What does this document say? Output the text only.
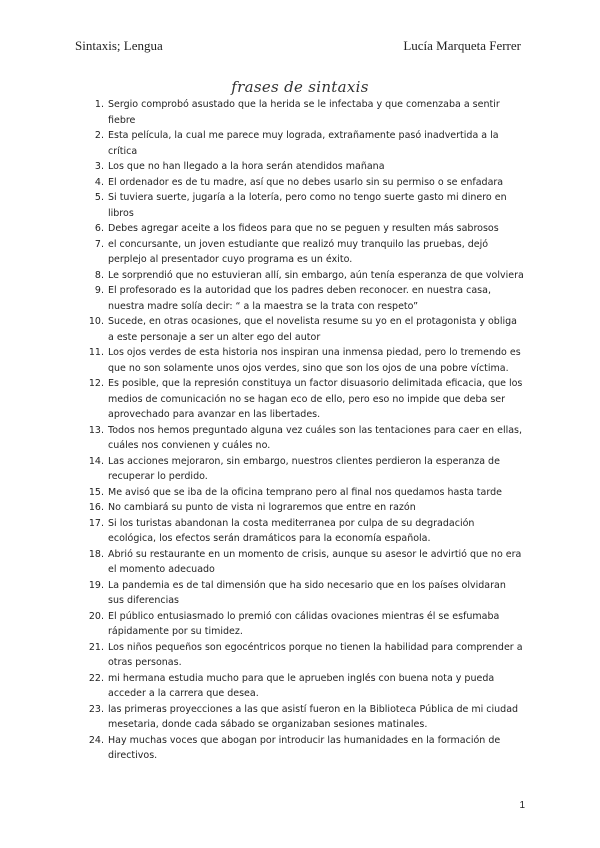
Sintaxis; Lengua	Lucía Marqueta Ferrer
frases de sintaxis
1. Sergio comprobó asustado que la herida se le infectaba y que comenzaba a sentir fiebre
2. Esta película, la cual me parece muy lograda, extrañamente pasó inadvertida a la crítica
3. Los que no han llegado a la hora serán atendidos mañana
4. El ordenador es de tu madre, así que no debes usarlo sin su permiso o se enfadara
5. Si tuviera suerte, jugaría a la lotería, pero como no tengo suerte gasto mi dinero en libros
6. Debes agregar aceite a los fideos para que no se peguen y resulten más sabrosos
7. el concursante, un joven estudiante que realizó muy tranquilo las pruebas, dejó perplejo al presentador cuyo programa es un éxito.
8. Le sorprendió que no estuvieran allí, sin embargo, aún tenía esperanza de que volviera
9. El profesorado es la autoridad que los padres deben reconocer. en nuestra casa, nuestra madre solía decir: “ a la maestra se la trata con respeto”
10. Sucede, en otras ocasiones, que el novelista resume su yo en el protagonista y obliga a este personaje a ser un alter ego del autor
11. Los ojos verdes de esta historia nos inspiran una inmensa piedad, pero lo tremendo es que no son solamente unos ojos verdes, sino que son los ojos de una pobre víctima.
12. Es posible, que la represión constituya un factor disuasorio delimitada eficacia, que los medios de comunicación no se hagan eco de ello, pero eso no impide que deba ser aprovechado para avanzar en las libertades.
13. Todos nos hemos preguntado alguna vez cuáles son las tentaciones para caer en ellas, cuáles nos convienen y cuáles no.
14. Las acciones mejoraron, sin embargo, nuestros clientes perdieron la esperanza de recuperar lo perdido.
15. Me avisó que se iba de la oficina temprano pero al final nos quedamos hasta tarde
16. No cambiará su punto de vista ni lograremos que entre en razón
17. Si los turistas abandonan la costa mediterranea por culpa de su degradación ecológica, los efectos serán dramáticos para la economía española.
18. Abrió su restaurante en un momento de crisis, aunque su asesor le advirtió que no era el momento adecuado
19. La pandemia es de tal dimensión que ha sido necesario que en los países olvidaran sus diferencias
20. El público entusiasmado lo premió con cálidas ovaciones mientras él se esfumaba rápidamente por su timidez.
21. Los niños pequeños son egocéntricos porque no tienen la habilidad para comprender a otras personas.
22. mi hermana estudia mucho para que le aprueben inglés con buena nota y pueda acceder a la carrera que desea.
23. las primeras proyecciones a las que asistí fueron en la Biblioteca Pública de mi ciudad mesetaria, donde cada sábado se organizaban sesiones matinales.
24. Hay muchas voces que abogan por introducir las humanidades en la formación de directivos.
1
